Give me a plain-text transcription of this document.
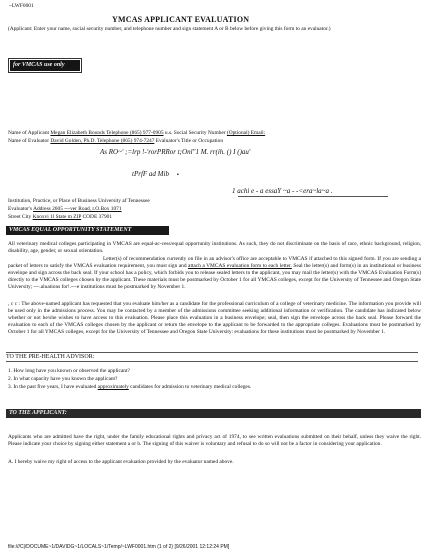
~LWF0001
YMCAS APPLICANT EVALUATION
(Applicant: Enter your name, social security number, and telephone number and sign statement A or B below before giving this form to an evaluator.)
for VMCAS use only
Name of Applicant Megan Elizabeth Bounds Telephone (865) 977-0905 u.s. Social Security Number (Optional) Email:
Name of Evaluator David Golden, Ph.D. Telephone (865) 974-7247 Evaluator's Title or Occupation
As RO~' ;=lrp !-'rorPRRor t;Onl"1 M. rr(ih. () I ()au'
tPrfF ad Mib ▪
1 achi e - a essaY ~a - -<era~la~a .
Institution, Practice, or Place of Business University af Tennessee
Evaluator's Address 2605 ~~ver Road, r.O.Box 1071
Street City Knoxvi 1l State m ZIP CODE 37901
VMCAS EQUAL OPPORTUNITY STATEMENT
All veterinary medical colleges participating in VMCAS are equal-ac-cess/equal opportunity institutions. As such, they do not discriminate on the basis of race, ethnic background, religion, disability, age, gender, or sexual orientation.
Letter(s) of recommendation currently on file in an advisor's office are acceptable to VMCAS if attached to this signed form. If you are sending a packet of letters to satisfy the VMCAS evaluation requirement, you must sign and attach a VMCAS evaluation form to each letter. Seal the letter(s) and form(s) in an institutional or business envelope and sign across the back seal. If your school has a policy, which forbids you to release sealed letters to the applicant, you may mail the letter(s) with the VMCAS Evaluation Form(s) directly to the VMCAS colleges chosen by the applicant. These materials must be postmarked by October 1 for all YMCAS colleges, except for the University of Tennessee and Oregon State University; ~~.aluations for!.~~e institutions must be postmarked by November 1.
, c c : The above-named applicant has requested that you evaluate him/her as a candidate for the professional curriculum of a college of veterinary medicine. The information you provide will be used only in the admissions process. You may be contacted by a member of the admissions committee seeking additional information or verification. The candidate has indicated below whether or not he/she wishes to have access to this evaluation. Please place this evaluation in a business envelope; seal, then sign the envelope across the back seal. Please forward the evaluation to each of the VMCAS colleges chosen by the applicant or return the envelope to the applicant to be forwarded to the appropriate colleges. Evaluations must be postmarked by October 1 for all YMCAS colleges, except for the University of Tennessee and Oregon State University: evaluations for these institutions must be postmarked by November 1.
TO THE PRE-HEALTH ADVISOR:
1. How long have you known or observed the applicant?
2. In what capacity have you known the applicant?
3. In the past five years, I have evaluated approximately candidates for admission to veterinary medical colleges.
TO THE APPLICANT:
Applicants who are admitted have the right, under the family educational rights and privacy act of 1974, to see written evaluations submitted on their behalf, unless they waive the right. Please indicate your choice by signing either statement a or b. The signing of this waiver is voluntary and refusal to do so will not be a factor in considering your application.
A. I hereby waive my right of access to the applicant evaluation provided by the evaluator named above.
file:///C|/DOCUME~1/DAVIDG~1/LOCALS~1/Temp/~LWF0001.htm (1 of 2) [9/26/2001 12:12:24 PM]
